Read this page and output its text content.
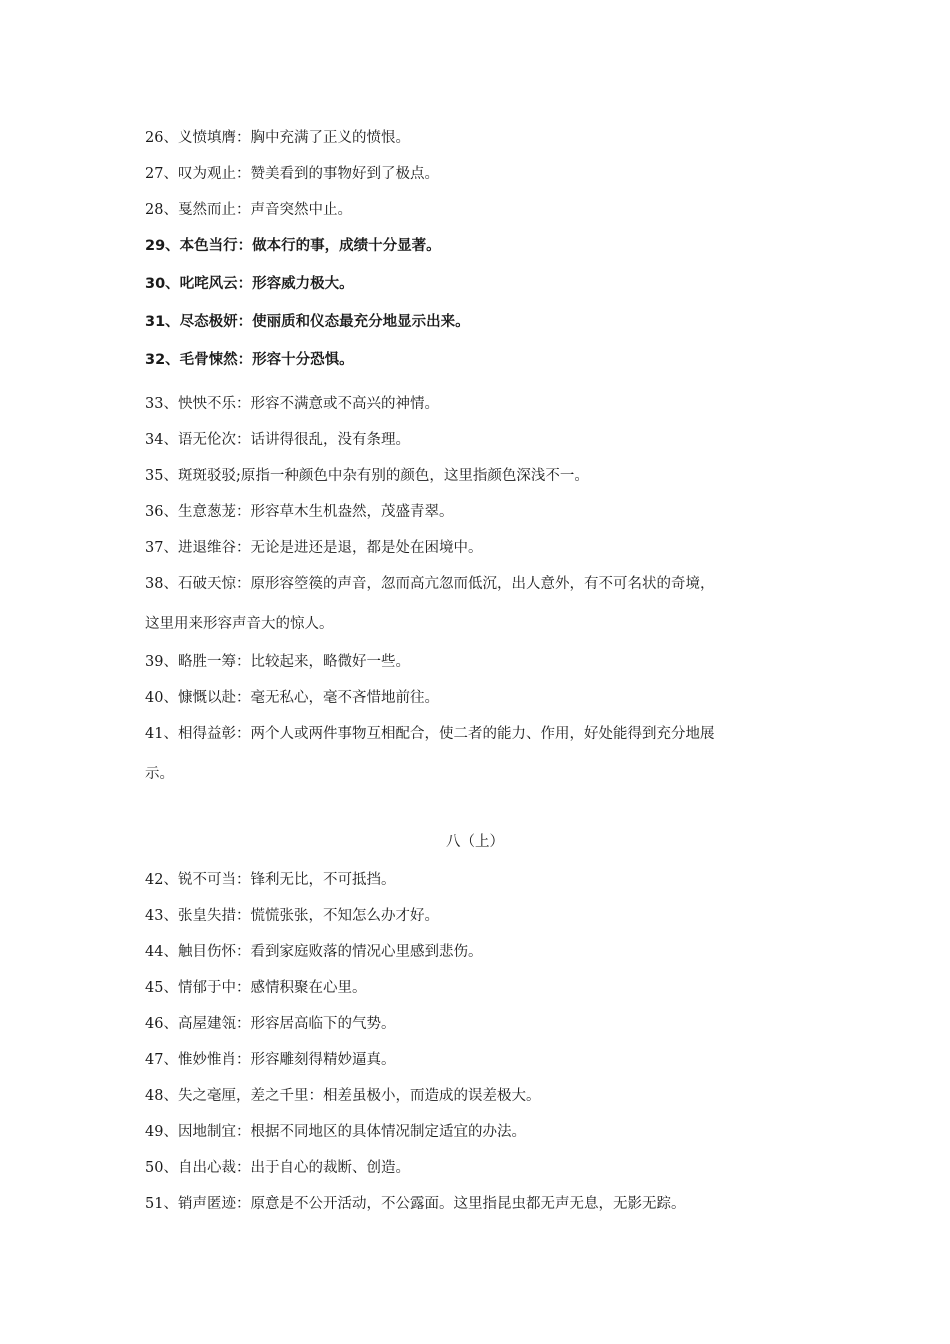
26、义愤填膺：胸中充满了正义的愤恨。
27、叹为观止：赞美看到的事物好到了极点。
28、戛然而止：声音突然中止。
29、本色当行：做本行的事，成绩十分显著。
30、叱咤风云：形容威力极大。
31、尽态极妍：使丽质和仪态最充分地显示出来。
32、毛骨悚然：形容十分恐惧。
33、怏怏不乐：形容不满意或不高兴的神情。
34、语无伦次：话讲得很乱，没有条理。
35、斑斑驳驳;原指一种颜色中杂有别的颜色，这里指颜色深浅不一。
36、生意葱茏：形容草木生机盎然，茂盛青翠。
37、进退维谷：无论是进还是退，都是处在困境中。
38、石破天惊：原形容箜篌的声音，忽而高亢忽而低沉，出人意外，有不可名状的奇境，
这里用来形容声音大的惊人。
39、略胜一筹：比较起来，略微好一些。
40、慷慨以赴：毫无私心，毫不吝惜地前往。
41、相得益彰：两个人或两件事物互相配合，使二者的能力、作用，好处能得到充分地展
示。
八（上）
42、锐不可当：锋利无比，不可抵挡。
43、张皇失措：慌慌张张，不知怎么办才好。
44、触目伤怀：看到家庭败落的情况心里感到悲伤。
45、情郁于中：感情积聚在心里。
46、高屋建瓴：形容居高临下的气势。
47、惟妙惟肖：形容雕刻得精妙逼真。
48、失之毫厘，差之千里：相差虽极小，而造成的误差极大。
49、因地制宜：根据不同地区的具体情况制定适宜的办法。
50、自出心裁：出于自心的裁断、创造。
51、销声匿迹：原意是不公开活动，不公露面。这里指昆虫都无声无息，无影无踪。
